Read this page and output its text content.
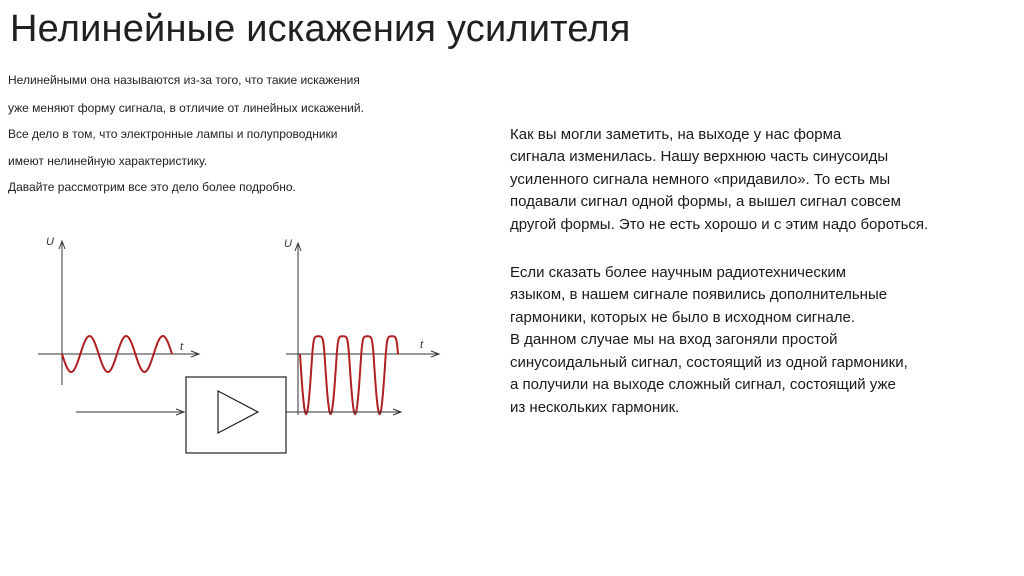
Нелинейные искажения усилителя
Нелинейными она называются из-за того, что такие искажения
уже меняют форму сигнала, в отличие от линейных искажений.
Все дело в том, что электронные лампы и полупроводники
имеют нелинейную характеристику.
Давайте рассмотрим все это дело более подробно.
Как вы могли заметить, на выходе у нас форма
сигнала изменилась. Нашу верхнюю часть синусоиды
усиленного сигнала немного «придавило». То есть мы
подавали сигнал одной формы, а вышел сигнал совсем
другой формы. Это не есть хорошо и с этим надо бороться.
Если сказать более научным радиотехническим
языком, в нашем сигнале появились дополнительные
гармоники, которых не было в исходном сигнале.
В данном случае мы на вход загоняли простой
синусоидальный сигнал, состоящий из одной гармоники,
а получили на выходе сложный сигнал, состоящий уже
из нескольких гармоник.
U
t
U
t
